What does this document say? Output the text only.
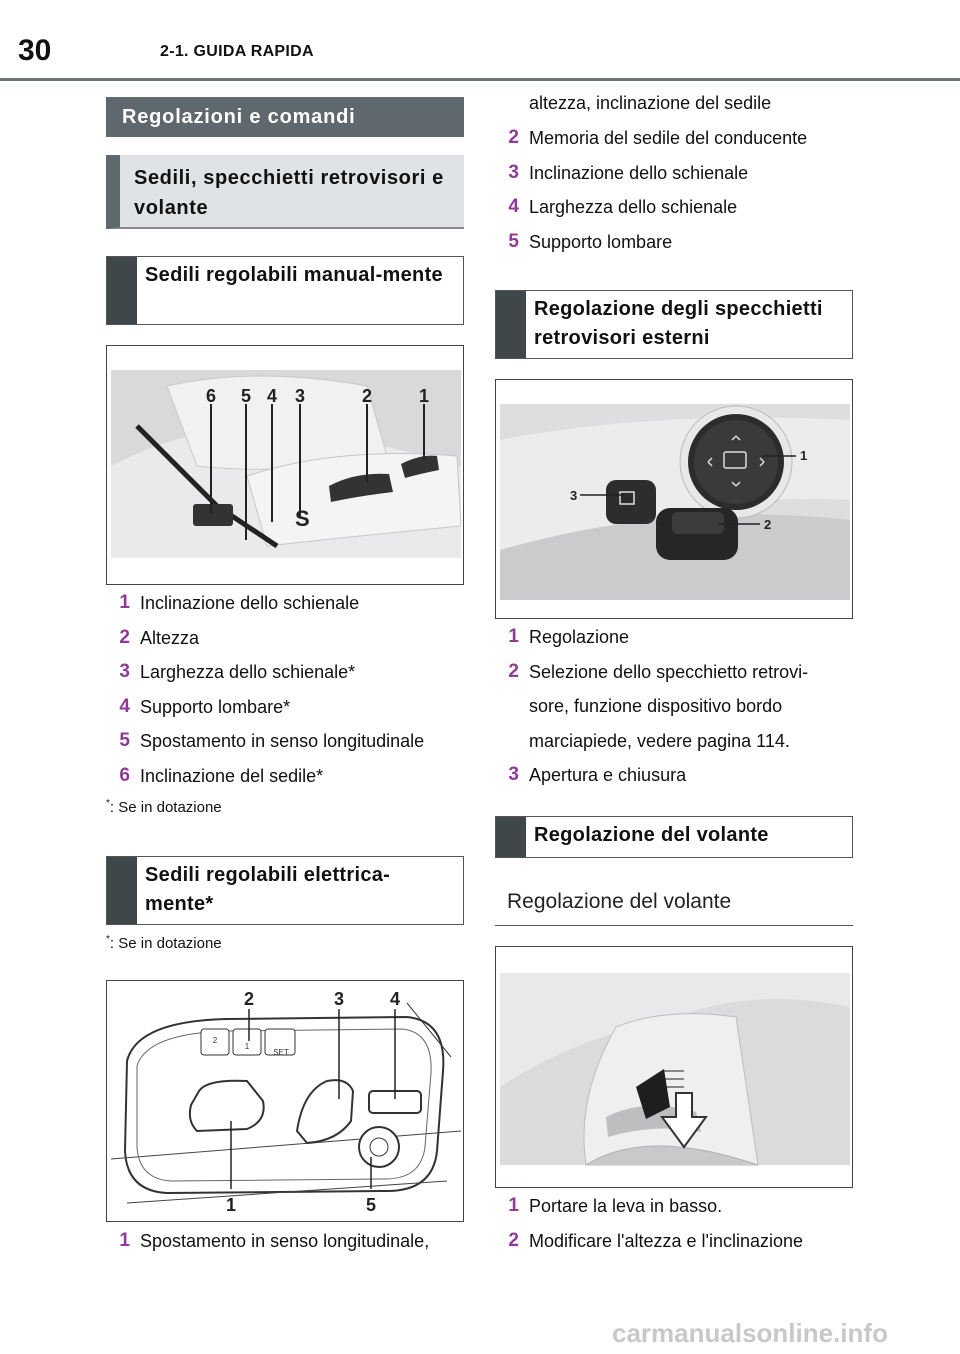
30	2-1. GUIDA RAPIDA
Regolazioni e comandi
Sedili, specchietti retrovisori e volante
Sedili regolabili manual-mente
S
6 5 4 3	2	1
1 Inclinazione dello schienale
2 Altezza
3 Larghezza dello schienale*
4 Supporto lombare*
5 Spostamento in senso longitudinale
6 Inclinazione del sedile*
*: Se in dotazione
Sedili regolabili elettrica-mente*
*: Se in dotazione
2
1
SET
2	3	4
1	5
1 Spostamento in senso longitudinale,
altezza, inclinazione del sedile
2 Memoria del sedile del conducente
3 Inclinazione dello schienale
4 Larghezza dello schienale
5 Supporto lombare
Regolazione degli specchietti retrovisori esterni
1
3
2
1 Regolazione
2 Selezione dello specchietto retrovi-
sore, funzione dispositivo bordo
marciapiede, vedere pagina 114.
3 Apertura e chiusura
Regolazione del volante
Regolazione del volante
1 Portare la leva in basso.
2 Modificare l'altezza e l'inclinazione
carmanualsonline.info
